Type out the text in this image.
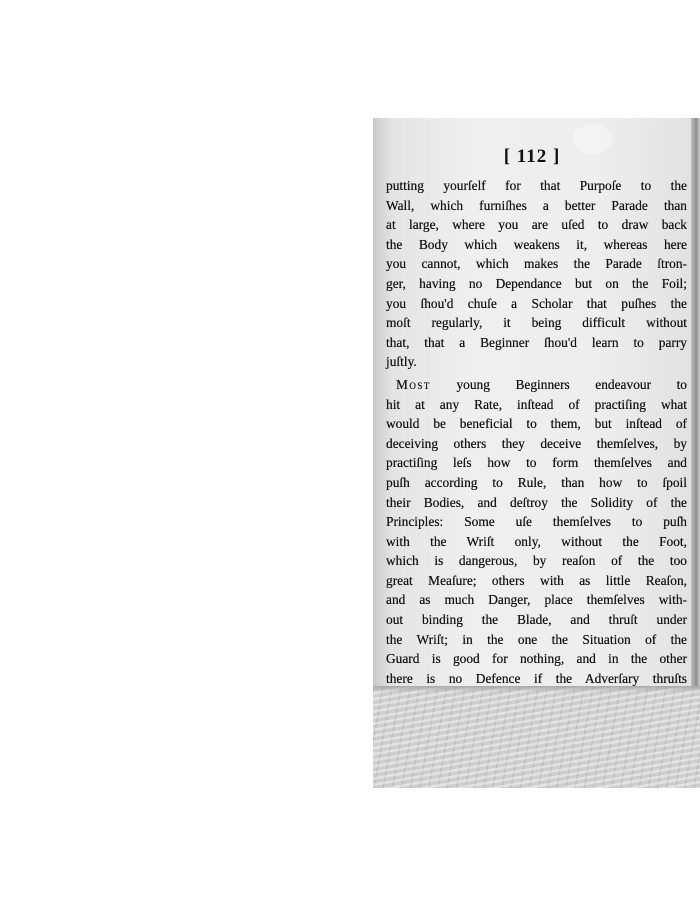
[ 112 ]
putting yourſelf for that Purpoſe to the
Wall, which furniſhes a better Parade than
at large, where you are uſed to draw back
the Body which weakens it, whereas here
you cannot, which makes the Parade ſtron-
ger, having no Dependance but on the Foil;
you ſhou'd chuſe a Scholar that puſhes the
moſt regularly, it being difficult without
that, that a Beginner ſhou'd learn to parry
juſtly.
Most young Beginners endeavour to
hit at any Rate, inſtead of practiſing what
would be beneficial to them, but inſtead of
deceiving others they deceive themſelves, by
practiſing leſs how to form themſelves and
puſh according to Rule, than how to ſpoil
their Bodies, and deſtroy the Solidity of the
Principles: Some uſe themſelves to puſh
with the Wriſt only, without the Foot,
which is dangerous, by reaſon of the too
great Meaſure; others with as little Reaſon,
and as much Danger, place themſelves with-
out binding the Blade, and thruſt under
the Wriſt; in the one the Situation of the
Guard is good for nothing, and in the other
there is no Defence if the Adverſary thruſts
